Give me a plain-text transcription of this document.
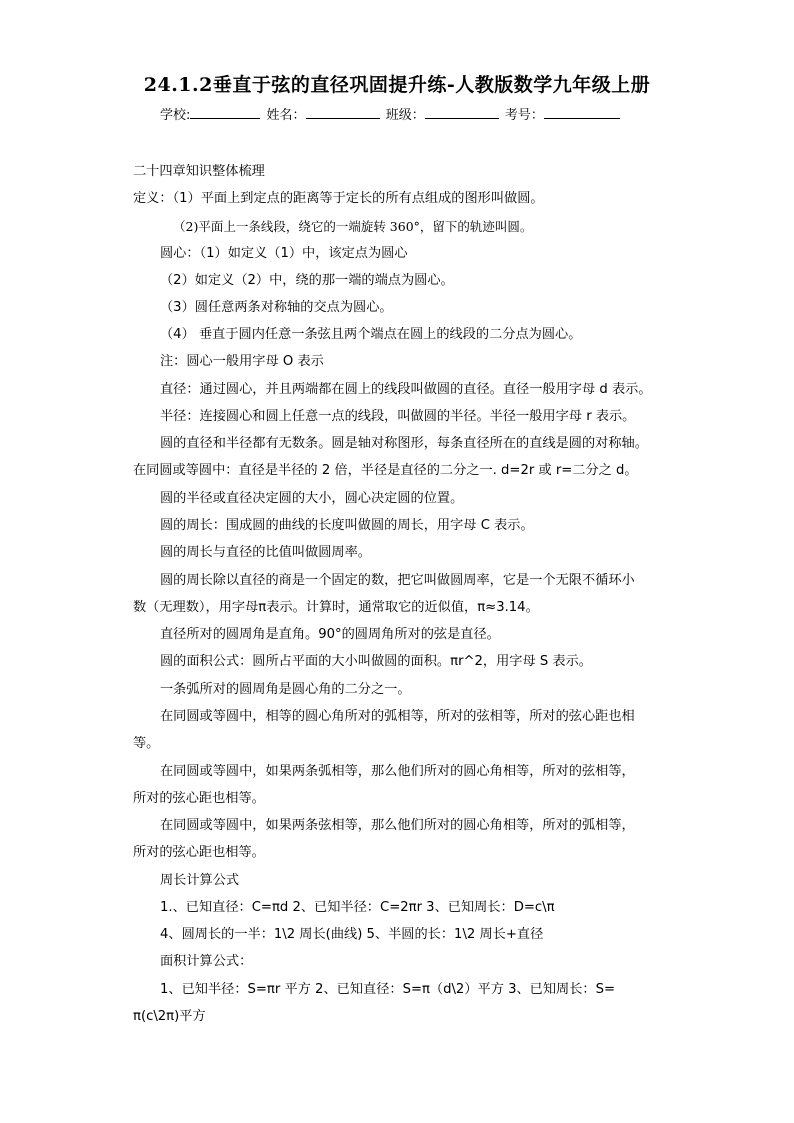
24.1.2垂直于弦的直径巩固提升练-人教版数学九年级上册
学校:	姓名：	班级：	考号：
二十四章知识整体梳理
定义：（1）平面上到定点的距离等于定长的所有点组成的图形叫做圆。
（2)平面上一条线段，绕它的一端旋转 360°，留下的轨迹叫圆。
圆心：（1）如定义（1）中，该定点为圆心
（2）如定义（2）中，绕的那一端的端点为圆心。
（3）圆任意两条对称轴的交点为圆心。
（4） 垂直于圆内任意一条弦且两个端点在圆上的线段的二分点为圆心。
注：圆心一般用字母 O 表示
直径：通过圆心，并且两端都在圆上的线段叫做圆的直径。直径一般用字母 d 表示。
半径：连接圆心和圆上任意一点的线段，叫做圆的半径。半径一般用字母 r 表示。
圆的直径和半径都有无数条。圆是轴对称图形，每条直径所在的直线是圆的对称轴。
在同圆或等圆中：直径是半径的 2 倍，半径是直径的二分之一. d=2r 或 r=二分之 d。
圆的半径或直径决定圆的大小，圆心决定圆的位置。
圆的周长：围成圆的曲线的长度叫做圆的周长，用字母 C 表示。
圆的周长与直径的比值叫做圆周率。
圆的周长除以直径的商是一个固定的数，把它叫做圆周率，它是一个无限不循环小
数（无理数），用字母π表示。计算时，通常取它的近似值，π≈3.14。
直径所对的圆周角是直角。90°的圆周角所对的弦是直径。
圆的面积公式：圆所占平面的大小叫做圆的面积。πr^2，用字母 S 表示。
一条弧所对的圆周角是圆心角的二分之一。
在同圆或等圆中，相等的圆心角所对的弧相等，所对的弦相等，所对的弦心距也相
等。
在同圆或等圆中，如果两条弧相等，那么他们所对的圆心角相等，所对的弦相等，
所对的弦心距也相等。
在同圆或等圆中，如果两条弦相等，那么他们所对的圆心角相等，所对的弧相等，
所对的弦心距也相等。
周长计算公式
1.、已知直径：C=πd 2、已知半径：C=2πr 3、已知周长：D=c\π
4、圆周长的一半：1\2 周长(曲线) 5、半圆的长：1\2 周长+直径
面积计算公式：
1、已知半径：S=πr 平方 2、已知直径：S=π（d\2）平方 3、已知周长：S=
π(c\2π)平方
